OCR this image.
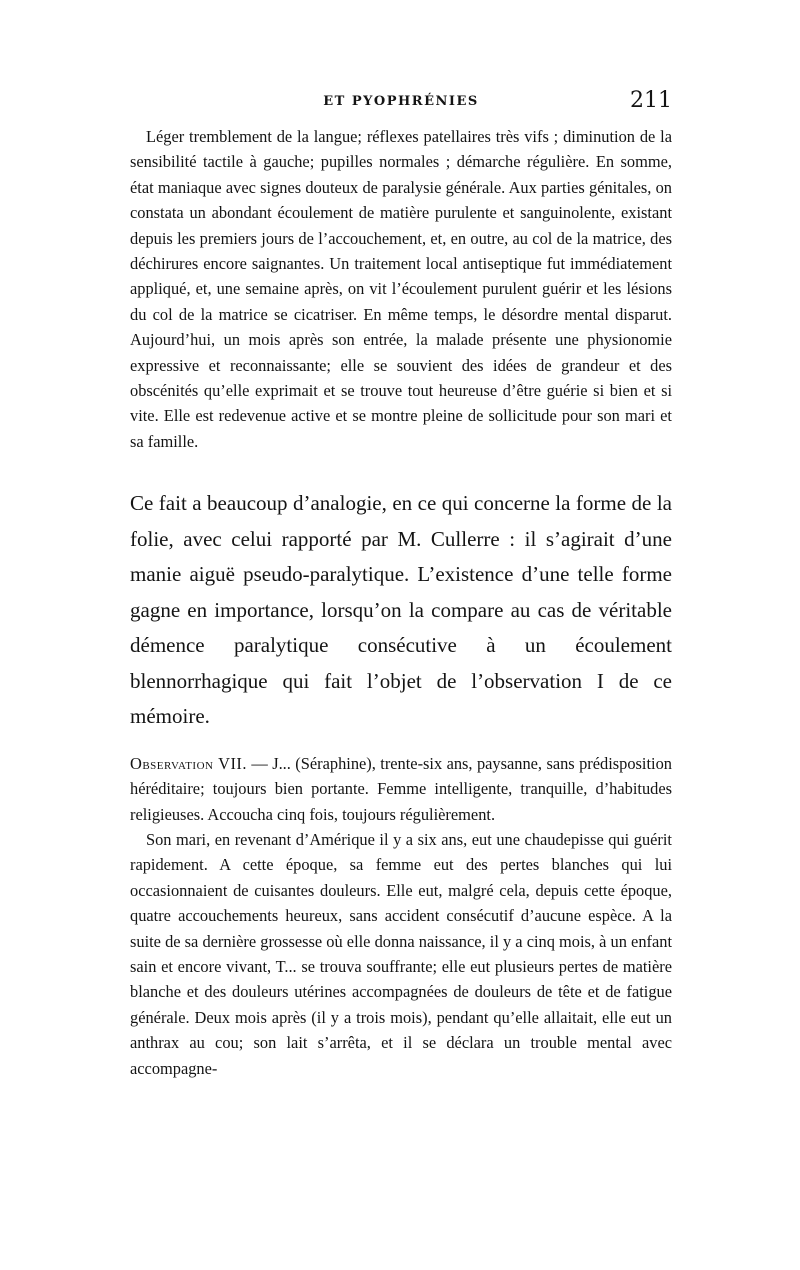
ET PYOPHRÉNIES	211

Léger tremblement de la langue; réflexes patellaires très vifs ; diminution de la sensibilité tactile à gauche; pupilles normales ; démarche régulière. En somme, état maniaque avec signes douteux de paralysie générale. Aux parties génitales, on constata un abondant écoulement de matière purulente et sanguinolente, existant depuis les premiers jours de l’accouchement, et, en outre, au col de la matrice, des déchirures encore saignantes. Un traitement local antiseptique fut immédiatement appliqué, et, une semaine après, on vit l’écoulement purulent guérir et les lésions du col de la matrice se cicatriser. En même temps, le désordre mental disparut. Aujourd’hui, un mois après son entrée, la malade présente une physionomie expressive et reconnaissante; elle se souvient des idées de grandeur et des obscénités qu’elle exprimait et se trouve tout heureuse d’être guérie si bien et si vite. Elle est redevenue active et se montre pleine de sollicitude pour son mari et sa famille.

Ce fait a beaucoup d’analogie, en ce qui concerne la forme de la folie, avec celui rapporté par M. Cullerre : il s’agirait d’une manie aiguë pseudo-paralytique. L’existence d’une telle forme gagne en importance, lorsqu’on la compare au cas de véritable démence paralytique consécutive à un écoulement blennorrhagique qui fait l’objet de l’observation I de ce mémoire.

Observation VII. — J... (Séraphine), trente-six ans, paysanne, sans prédisposition héréditaire; toujours bien portante. Femme intelligente, tranquille, d’habitudes religieuses. Accoucha cinq fois, toujours régulièrement.

Son mari, en revenant d’Amérique il y a six ans, eut une chaudepisse qui guérit rapidement. A cette époque, sa femme eut des pertes blanches qui lui occasionnaient de cuisantes douleurs. Elle eut, malgré cela, depuis cette époque, quatre accouchements heureux, sans accident consécutif d’aucune espèce. A la suite de sa dernière grossesse où elle donna naissance, il y a cinq mois, à un enfant sain et encore vivant, T... se trouva souffrante; elle eut plusieurs pertes de matière blanche et des douleurs utérines accompagnées de douleurs de tête et de fatigue générale. Deux mois après (il y a trois mois), pendant qu’elle allaitait, elle eut un anthrax au cou; son lait s’arrêta, et il se déclara un trouble mental avec accompagne-
